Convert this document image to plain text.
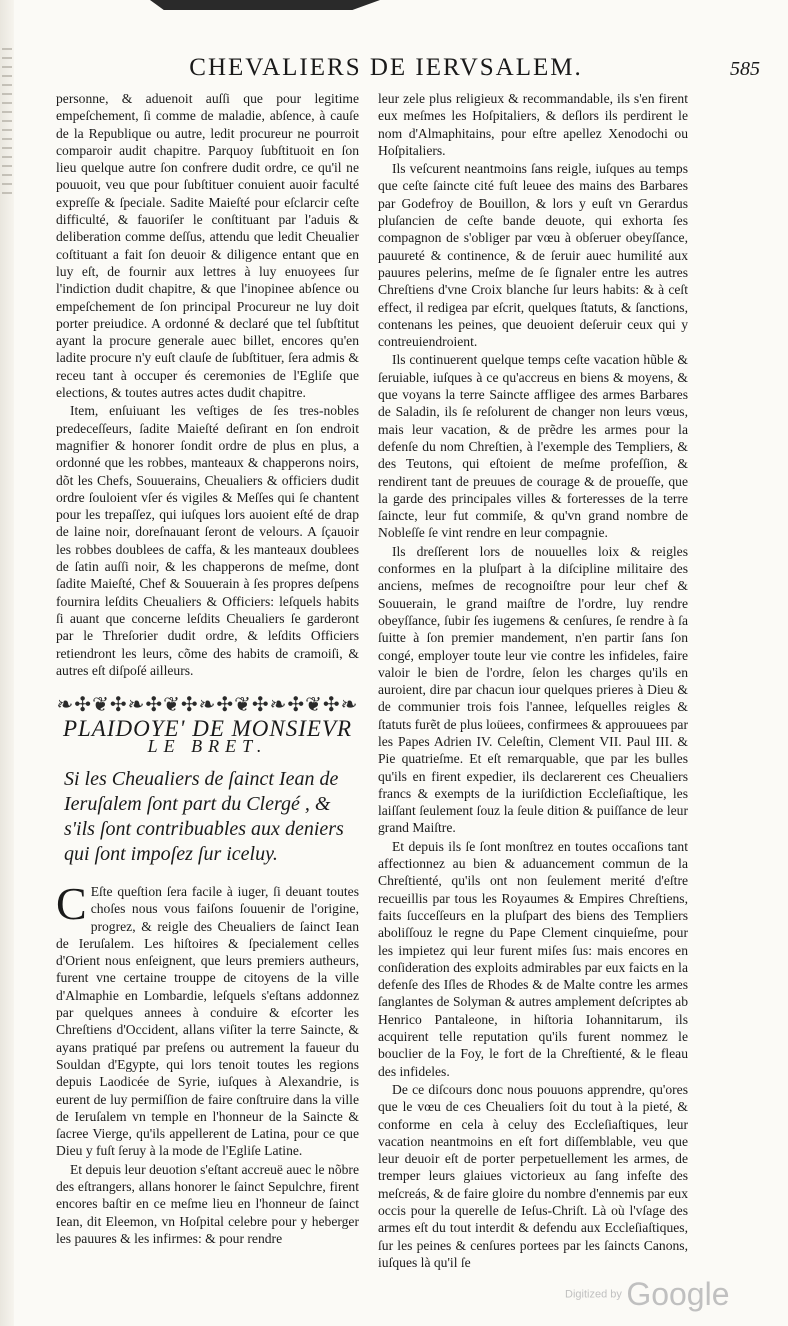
CHEVALIERS DE IERVSALEM.	585

personne, & aduenoit auſſi que pour legitime empeſchement, ſi comme de maladie, abſence, à cauſe de la Republique ou autre, ledit procureur ne pourroit comparoir audit chapitre. Parquoy ſubſtituoit en ſon lieu quelque autre ſon confrere dudit ordre, ce qu'il ne pouuoit, veu que pour ſubſtituer conuient auoir faculté expreſſe & ſpeciale. Sadite Maieſté pour eſclarcir ceſte difficulté, & fauoriſer le conſtituant par l'aduis & deliberation comme deſſus, attendu que ledit Cheualier coſtituant a fait ſon deuoir & diligence entant que en luy eſt, de fournir aux lettres à luy enuoyees ſur l'indiction dudit chapitre, & que l'inopinee abſence ou empeſchement de ſon principal Procureur ne luy doit porter preiudice. A ordonné & declaré que tel ſubſtitut ayant la procure generale auec billet, encores qu'en ladite procure n'y euſt clauſe de ſubſtituer, ſera admis & receu tant à occuper és ceremonies de l'Egliſe que elections, & toutes autres actes dudit chapitre.

Item, enſuiuant les veſtiges de ſes tres-nobles predeceſſeurs, ſadite Maieſté deſirant en ſon endroit magnifier & honorer ſondit ordre de plus en plus, a ordonné que les robbes, manteaux & chapperons noirs, dõt les Chefs, Souuerains, Cheualiers & officiers dudit ordre ſouloient vſer és vigiles & Meſſes qui ſe chantent pour les trepaſſez, qui iuſques lors auoient eſté de drap de laine noir, doreſnauant ſeront de velours. A ſçauoir les robbes doublees de caffa, & les manteaux doublees de ſatin auſſi noir, & les chapperons de meſme, dont ſadite Maieſté, Chef & Souuerain à ſes propres deſpens fournira leſdits Cheualiers & Officiers: leſquels habits ſi auant que concerne leſdits Cheualiers ſe garderont par le Threſorier dudit ordre, & leſdits Officiers retiendront les leurs, cõme des habits de cramoiſi, & autres eſt diſpoſé ailleurs.

❧✣❦✣❧✣❦✣❧✣❦✣❧✣❦✣❧
PLAIDOYE' DE MONSIEVR
LE BRET.
Si les Cheualiers de ſainct Iean de Ieruſalem ſont part du Clergé , & s'ils ſont contribuables aux deniers qui ſont impoſez ſur iceluy.

C Eſte queſtion ſera facile à iuger, ſi deuant toutes choſes nous vous faiſons ſouuenir de l'origine, progrez, & reigle des Cheualiers de ſainct Iean de Ieruſalem. Les hiſtoires & ſpecialement celles d'Orient nous enſeignent, que leurs premiers autheurs, furent vne certaine trouppe de citoyens de la ville d'Almaphie en Lombardie, leſquels s'eſtans addonnez par quelques annees à conduire & eſcorter les Chreſtiens d'Occident, allans viſiter la terre Saincte, & ayans pratiqué par preſens ou autrement la faueur du Souldan d'Egypte, qui lors tenoit toutes les regions depuis Laodicée de Syrie, iuſques à Alexandrie, is eurent de luy permiſſion de faire conſtruire dans la ville de Ieruſalem vn temple en l'honneur de la Saincte & ſacree Vierge, qu'ils appellerent de Latina, pour ce que Dieu y fuſt ſeruy à la mode de l'Egliſe Latine.

Et depuis leur deuotion s'eſtant accreuë auec le nõbre des eſtrangers, allans honorer le ſainct Sepulchre, firent encores baſtir en ce meſme lieu en l'honneur de ſainct Iean, dit Eleemon, vn Hoſpital celebre pour y heberger les pauures & les infirmes: & pour rendre

leur zele plus religieux & recommandable, ils s'en firent eux meſmes les Hoſpitaliers, & deſlors ils perdirent le nom d'Almaphitains, pour eſtre apellez Xenodochi ou Hoſpitaliers.

Ils veſcurent neantmoins ſans reigle, iuſques au temps que ceſte ſaincte cité fuſt leuee des mains des Barbares par Godefroy de Bouillon, & lors y euſt vn Gerardus pluſancien de ceſte bande deuote, qui exhorta ſes compagnon de s'obliger par vœu à obſeruer obeyſſance, pauureté & continence, & de ſeruir auec humilité aux pauures pelerins, meſme de ſe ſignaler entre les autres Chreſtiens d'vne Croix blanche ſur leurs habits: & à ceſt effect, il redigea par eſcrit, quelques ſtatuts, & ſanctions, contenans les peines, que deuoient deſeruir ceux qui y contreuiendroient.

Ils continuerent quelque temps ceſte vacation hũble & ſeruiable, iuſques à ce qu'accreus en biens & moyens, & que voyans la terre Saincte affligee des armes Barbares de Saladin, ils ſe reſolurent de changer non leurs vœus, mais leur vacation, & de prẽdre les armes pour la defenſe du nom Chreſtien, à l'exemple des Templiers, & des Teutons, qui eſtoient de meſme profeſſion, & rendirent tant de preuues de courage & de proueſſe, que la garde des principales villes & forteresses de la terre ſaincte, leur fut commiſe, & qu'vn grand nombre de Nobleſſe ſe vint rendre en leur compagnie.

Ils dreſſerent lors de nouuelles loix & reigles conformes en la pluſpart à la diſcipline militaire des anciens, meſmes de recognoiſtre pour leur chef & Souuerain, le grand maiſtre de l'ordre, luy rendre obeyſſance, ſubir ſes iugemens & cenſures, ſe rendre à ſa ſuitte à ſon premier mandement, n'en partir ſans ſon congé, employer toute leur vie contre les infideles, faire valoir le bien de l'ordre, ſelon les charges qu'ils en auroient, dire par chacun iour quelques prieres à Dieu & de communier trois fois l'annee, leſquelles reigles & ſtatuts furẽt de plus loüees, confirmees & approuuees par les Papes Adrien IV. Celeſtin, Clement VII. Paul III. & Pie quatrieſme. Et eſt remarquable, que par les bulles qu'ils en firent expedier, ils declarerent ces Cheualiers francs & exempts de la iuriſdiction Eccleſiaſtique, les laiſſant ſeulement ſouz la ſeule dition & puiſſance de leur grand Maiſtre.

Et depuis ils ſe ſont monſtrez en toutes occaſions tant affectionnez au bien & aduancement commun de la Chreſtienté, qu'ils ont non ſeulement merité d'eſtre recueillis par tous les Royaumes & Empires Chreſtiens, faits ſucceſſeurs en la pluſpart des biens des Templiers aboliſſouz le regne du Pape Clement cinquieſme, pour les impietez qui leur furent miſes ſus: mais encores en conſideration des exploits admirables par eux faicts en la defenſe des Iſles de Rhodes & de Malte contre les armes ſanglantes de Solyman & autres amplement deſcriptes ab Henrico Pantaleone, in hiſtoria Iohannitarum, ils acquirent telle reputation qu'ils furent nommez le bouclier de la Foy, le fort de la Chreſtienté, & le fleau des infideles.

De ce diſcours donc nous pouuons apprendre, qu'ores que le vœu de ces Cheualiers ſoit du tout à la pieté, & conforme en cela à celuy des Eccleſiaſtiques, leur vacation neantmoins en eſt fort diſſemblable, veu que leur deuoir eſt de porter perpetuellement les armes, de tremper leurs glaiues victorieux au ſang infeſte des meſcreás, & de faire gloire du nombre d'ennemis par eux occis pour la querelle de Ieſus-Chriſt. Là où l'vſage des armes eſt du tout interdit & defendu aux Eccleſiaſtiques, ſur les peines & cenſures portees par les ſaincts Canons, iuſques là qu'il ſe

Digitized by Google
